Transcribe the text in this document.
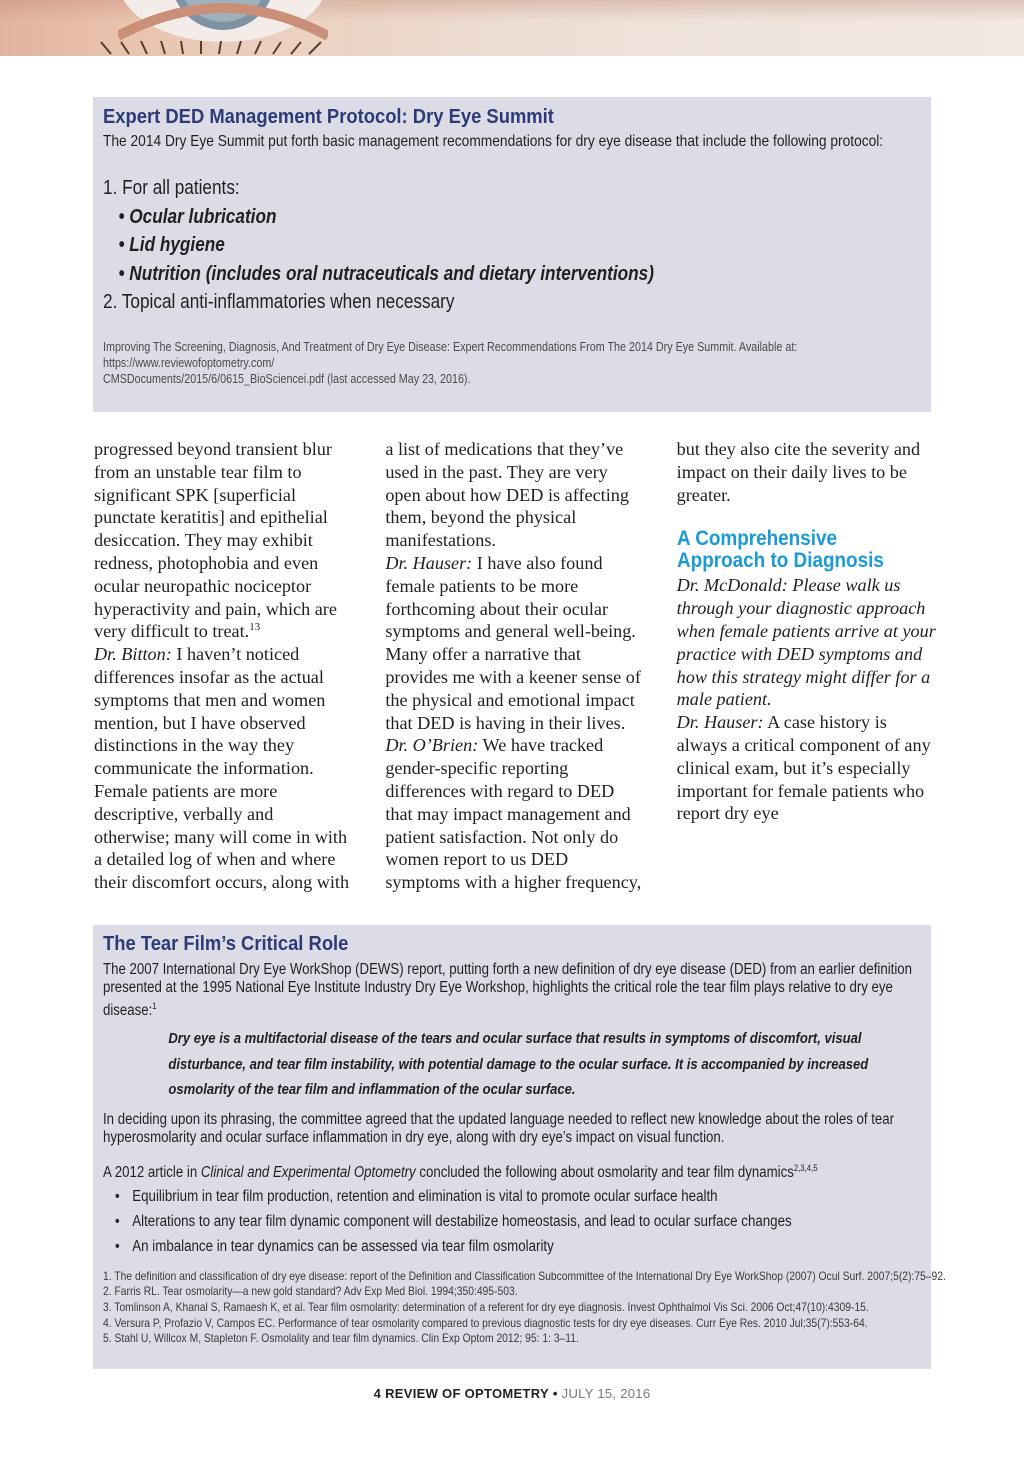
Expert DED Management Protocol: Dry Eye Summit

The 2014 Dry Eye Summit put forth basic management recommendations for dry eye disease that include the following protocol:

1. For all patients:
• Ocular lubrication
• Lid hygiene
• Nutrition (includes oral nutraceuticals and dietary interventions)
2. Topical anti-inflammatories when necessary
Improving The Screening, Diagnosis, And Treatment of Dry Eye Disease: Expert Recommendations From The 2014 Dry Eye Summit. Available at: https://www.reviewofoptometry.com/
CMSDocuments/2015/6/0615_BioSciencei.pdf (last accessed May 23, 2016).
The Tear Film’s Critical Role

The 2007 International Dry Eye WorkShop (DEWS) report, putting forth a new definition of dry eye disease (DED) from an earlier definition presented at the 1995 National Eye Institute Industry Dry Eye Workshop, highlights the critical role the tear film plays relative to dry eye disease:$^1$

Dry eye is a multifactorial disease of the tears and ocular surface that results in symptoms of discomfort, visual disturbance, and tear film instability, with potential damage to the ocular surface. It is accompanied by increased osmolarity of the tear film and inflammation of the ocular surface.

In deciding upon its phrasing, the committee agreed that the updated language needed to reflect new knowledge about the roles of tear hyperosmolarity and ocular surface inflammation in dry eye, along with dry eye’s impact on visual function.

A 2012 article in Clinical and Experimental Optometry concluded the following about osmolarity and tear film dynamics$^{2,3,4,5}$

• Equilibrium in tear film production, retention and elimination is vital to promote ocular surface health
• Alterations to any tear film dynamic component will destabilize homeostasis, and lead to ocular surface changes
• An imbalance in tear dynamics can be assessed via tear film osmolarity
1. The definition and classification of dry eye disease: report of the Definition and Classification Subcommittee of the International Dry Eye WorkShop (2007) Ocul Surf. 2007;5(2):75–92.
2. Farris RL. Tear osmolarity—a new gold standard? Adv Exp Med Biol. 1994;350:495-503.
3. Tomlinson A, Khanal S, Ramaesh K, et al. Tear film osmolarity: determination of a referent for dry eye diagnosis. Invest Ophthalmol Vis Sci. 2006 Oct;47(10):4309-15.
4. Versura P, Profazio V, Campos EC. Performance of tear osmolarity compared to previous diagnostic tests for dry eye diseases. Curr Eye Res. 2010 Jul;35(7):553-64.
5. Stahl U, Willcox M, Stapleton F. Osmolality and tear film dynamics. Clin Exp Optom 2012; 95: 1: 3–11.
4 REVIEW OF OPTOMETRY • JULY 15, 2016

progressed beyond transient blur from an unstable tear film to significant SPK [superficial punctate keratitis] and epithelial desiccation. They may exhibit redness, photophobia and even ocular neuropathic nociceptor hyperactivity and pain, which are very difficult to treat.$^{13}$

Dr. Bitton: I haven’t noticed differences insofar as the actual symptoms that men and women mention, but I have observed distinctions in the way they communicate the information. Female patients are more descriptive, verbally and otherwise; many will come in with a detailed log of when and where their discomfort occurs, along with a list of medications that they’ve used in the past. They are very open about how DED is affecting them, beyond the physical manifestations.

Dr. Hauser: I have also found female patients to be more forthcoming about their ocular symptoms and general well-being. Many offer a narrative that provides me with a keener sense of the physical and emotional impact that DED is having in their lives.

Dr. O’Brien: We have tracked gender-specific reporting differences with regard to DED that may impact management and patient satisfaction. Not only do women report to us DED symptoms with a higher frequency, but they also cite the severity and impact on their daily lives to be greater.

A Comprehensive
Approach to Diagnosis

Dr. McDonald: Please walk us through your diagnostic approach when female patients arrive at your practice with DED symptoms and how this strategy might differ for a male patient.

Dr. Hauser: A case history is always a critical component of any clinical exam, but it’s especially important for female patients who report dry eye
